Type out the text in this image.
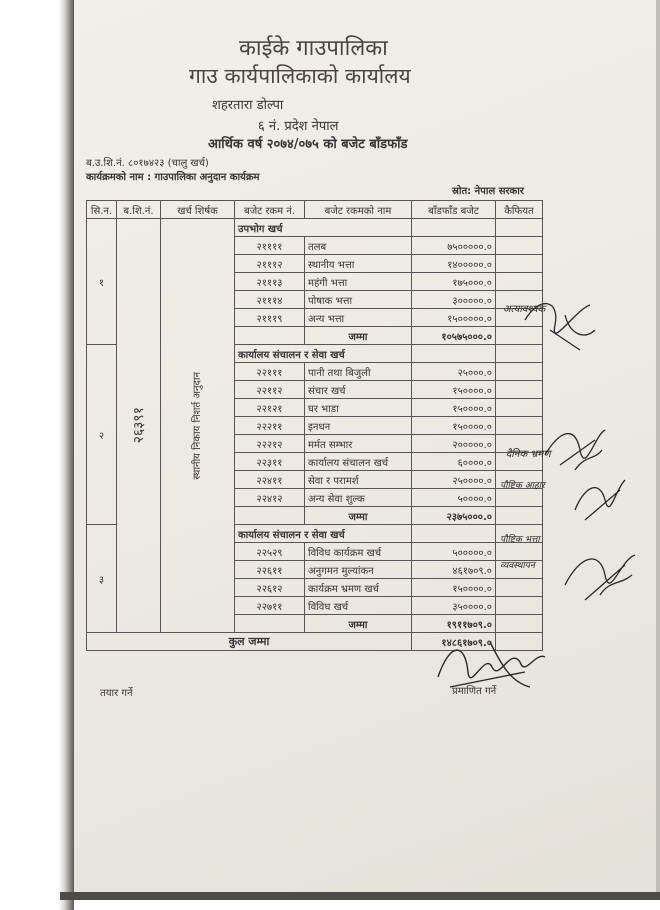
काईके गाउपालिका
गाउ कार्यपालिकाको कार्यालय
शहरतारा डोल्पा
६ नं. प्रदेश नेपाल
आर्थिक वर्ष २०७४/०७५ को बजेट बाँडफाँड
ब.उ.शि.नं. ८०१७४२३ (चालु खर्च)
कार्यक्रमको नाम : गाउपालिका अनुदान कार्यक्रम
स्रोत: नेपाल सरकार
सि.न.	ब.शि.नं.	खर्च शिर्षक	बजेट रकम नं.	बजेट रकमको नाम	बाँडफाँड बजेट	कैफियत
१	२६३९१	स्थानीय निकाय निशर्त अनुदान	उपभोग खर्च			
			२११११	तलब	७५०००००.०	
			२१११२	स्थानीय भत्ता	१४०००००.०	
			२१११३	महंगी भत्ता	१७५०००.०	
			२१११४	पोषाक भत्ता	३०००००.०	
			२१११९	अन्य भत्ता	१५०००००.०	
				जम्मा	१०५७५०००.०	
२			कार्यालय संचालन र सेवा खर्च			
			२२१११	पानी तथा बिजुली	२५०००.०	
			२२११२	संचार खर्च	१५००००.०	
			२२१२१	घर भाडा	१५००००.०	
			२२२११	इनधन	१५००००.०	
			२२२१२	मर्मत सम्भार	२०००००.०	
			२२३११	कार्यालय संचालन खर्च	६००००.०	
			२२४११	सेवा र परामर्श	२५००००.०	
			२२४१२	अन्य सेवा शुल्क	५००००.०	
				जम्मा	२३७५०००.०	
३			कार्यालय संचालन र सेवा खर्च			
			२२५२९	विविध कार्यक्रम खर्च	५०००००.०	
			२२६११	अनुगमन मुल्यांकन	४६१७०९.०	
			२२६१२	कार्यक्रम भ्रमण खर्च	१५००००.०	
			२२७११	विविध खर्च	३५००००.०	
				जम्मा	१९११७०९.०	
कुल जम्मा					१४८६१७०९.०	
अत्यावश्यक
दैनिक भ्रमण
पौष्टिक आहार
पौष्टिक भत्ता
व्यवस्थापन
तयार गर्ने	प्रमाणित गर्ने
